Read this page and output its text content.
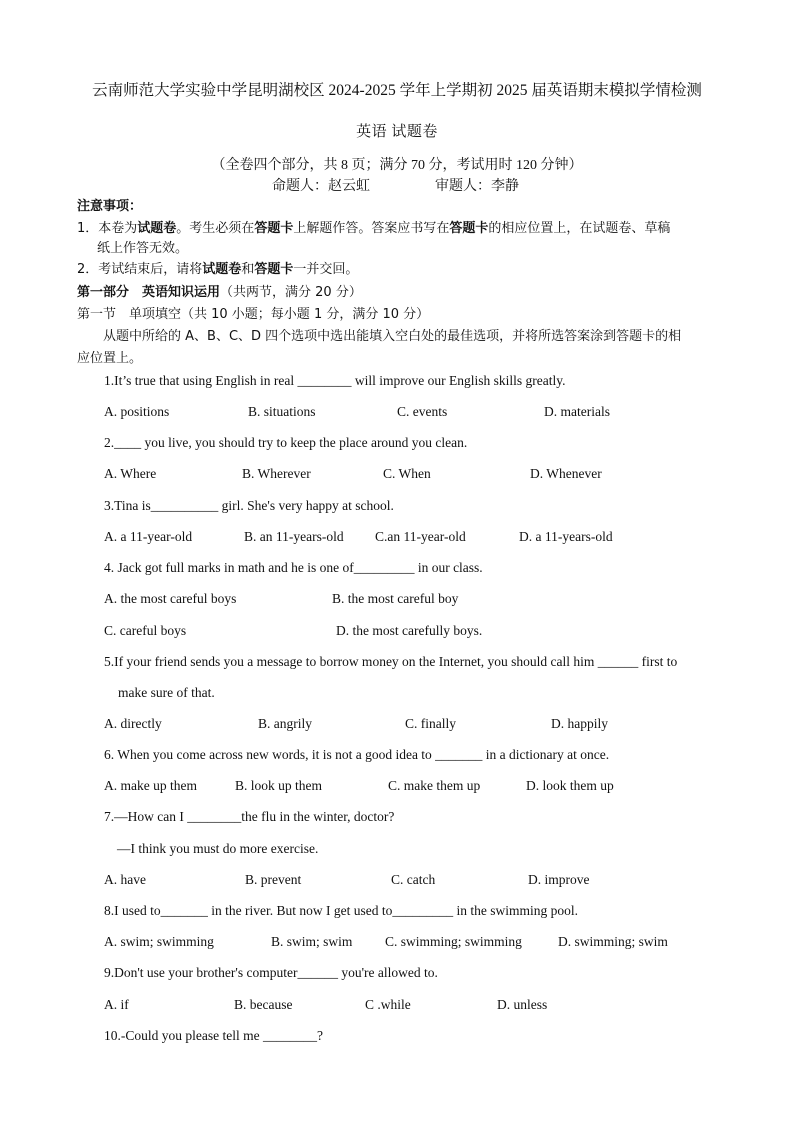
云南师范大学实验中学昆明湖校区 2024-2025 学年上学期初 2025 届英语期末模拟学情检测
英语 试题卷
（全卷四个部分，共 8 页；满分 70 分，考试用时 120 分钟）
命题人：赵云虹	审题人：李静
注意事项：
1．本卷为试题卷。考生必须在答题卡上解题作答。答案应书写在答题卡的相应位置上，在试题卷、草稿
纸上作答无效。
2．考试结束后，请将试题卷和答题卡一并交回。
第一部分　英语知识运用（共两节，满分 20 分）
第一节　单项填空（共 10 小题；每小题 1 分，满分 10 分）
从题中所给的 A、B、C、D 四个选项中选出能填入空白处的最佳选项，并将所选答案涂到答题卡的相
应位置上。
1.It’s true that using English in real ________ will improve our English skills greatly.
A. positions	B. situations	C. events	D. materials
2.____ you live, you should try to keep the place around you clean.
A. Where	B. Wherever	C. When	D. Whenever
3.Tina is__________ girl. She's very happy at school.
A. a 11-year-old	B. an 11-years-old C.an 11-year-old	D. a 11-years-old
4. Jack got full marks in math and he is one of_________ in our class.
A. the most careful boys	B. the most careful boy
C. careful boys	D. the most carefully boys.
5.If your friend sends you a message to borrow money on the Internet, you should call him ______ first to
make sure of that.
A. directly	B. angrily	C. finally	D. happily
6. When you come across new words, it is not a good idea to _______ in a dictionary at once.
A. make up them	B. look up them	C. make them up	D. look them up
7.—How can I ________the flu in the winter, doctor?
—I think you must do more exercise.
A. have	B. prevent	C. catch	D. improve
8.I used to_______ in the river. But now I get used to_________ in the swimming pool.
A. swim; swimming	B. swim; swim C. swimming; swimming	D. swimming; swim
9.Don't use your brother's computer______ you're allowed to.
A. if	B. because	C .while	D. unless
10.-Could you please tell me ________?
